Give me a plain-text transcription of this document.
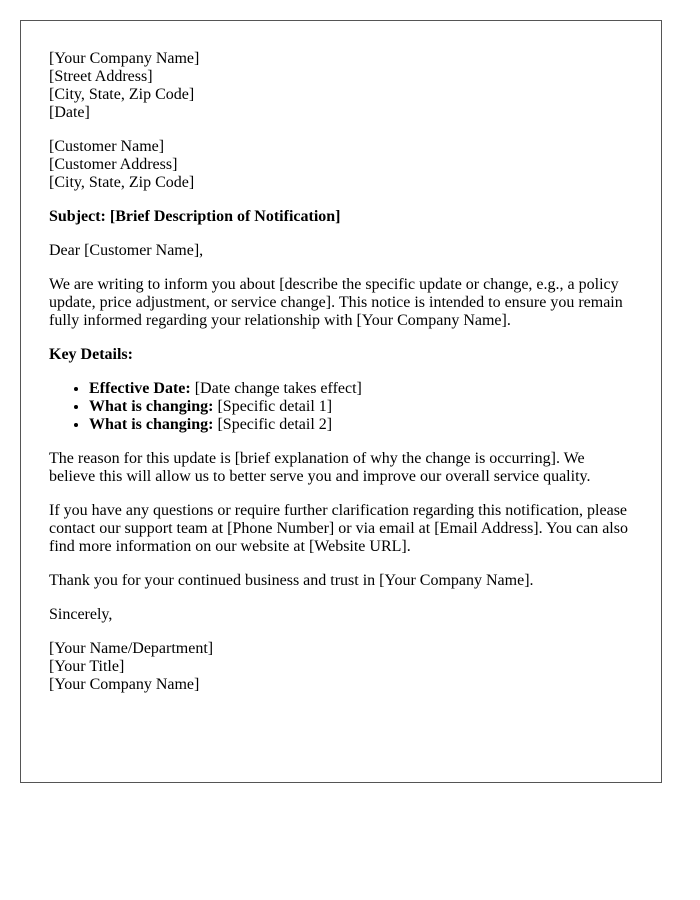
[Your Company Name]
[Street Address]
[City, State, Zip Code]
[Date]

[Customer Name]
[Customer Address]
[City, State, Zip Code]

Subject: [Brief Description of Notification]

Dear [Customer Name],

We are writing to inform you about [describe the specific update or change, e.g., a policy update, price adjustment, or service change]. This notice is intended to ensure you remain fully informed regarding your relationship with [Your Company Name].

Key Details:

• Effective Date: [Date change takes effect]
• What is changing: [Specific detail 1]
• What is changing: [Specific detail 2]

The reason for this update is [brief explanation of why the change is occurring]. We believe this will allow us to better serve you and improve our overall service quality.

If you have any questions or require further clarification regarding this notification, please contact our support team at [Phone Number] or via email at [Email Address]. You can also find more information on our website at [Website URL].

Thank you for your continued business and trust in [Your Company Name].

Sincerely,

[Your Name/Department]
[Your Title]
[Your Company Name]
